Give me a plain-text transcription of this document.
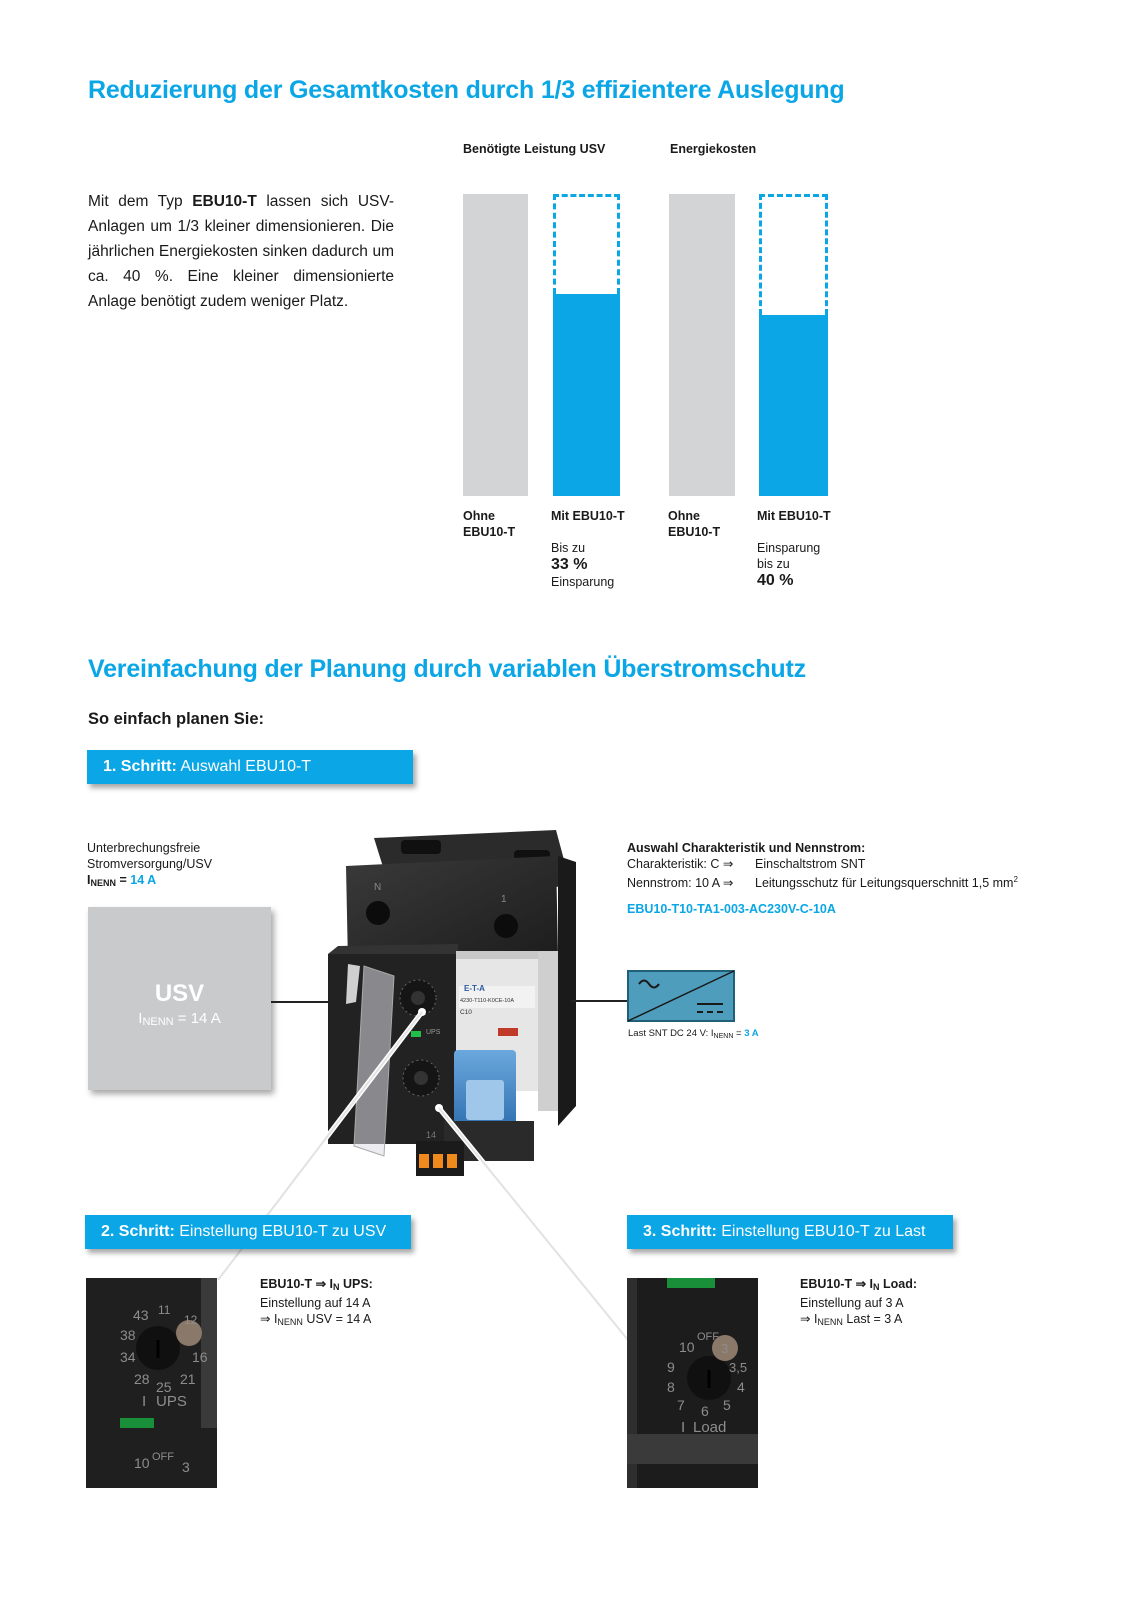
Reduzierung der Gesamtkosten durch 1/3 effizientere Auslegung
Mit dem Typ EBU10-T lassen sich USV-Anlagen um 1/3 kleiner dimensionieren. Die jährlichen Energiekosten sinken dadurch um ca. 40 %. Eine kleiner dimensionierte Anlage benötigt zudem weniger Platz.
Benötigte Leistung USV
Ohne
EBU10-T
Mit EBU10-T
Bis zu
33 %
Einsparung
Energiekosten
Ohne
EBU10-T
Mit EBU10-T
Einsparung
bis zu
40 %
Vereinfachung der Planung durch variablen Überstromschutz
So einfach planen Sie:
1. Schritt: Auswahl EBU10-T
Unterbrechungsfreie
Stromversorgung/USV
$I_{NENN} = 14$ A
USV
$I_{NENN} = 14$ A
N
1
E-T-A
4230-T110-K0CE-10A
C10
UPS
14
Auswahl Charakteristik und Nennstrom:
Charakteristik: C ⇒ Einschaltstrom SNT
Nennstrom: 10 A ⇒ Leitungsschutz für Leitungsquerschnitt 1,5 $mm^2$
EBU10-T10-TA1-003-AC230V-C-10A
Last SNT DC 24 V: $I_{NENN} = 3$ A
2. Schritt: Einstellung EBU10-T zu USV	3. Schritt: Einstellung EBU10-T zu Last
43 11
12
38
34	16
28 21
25
I UPS
10 OFF
3
EBU10-T ⇒ $I_N$ UPS:
Einstellung auf 14 A
⇒ $I_{NENN}$ USV = 14 A
10
OFF
3
3,5
9
8	4
7 6 5
I Load
EBU10-T ⇒ $I_N$ Load:
Einstellung auf 3 A
⇒ $I_{NENN}$ Last = 3 A
